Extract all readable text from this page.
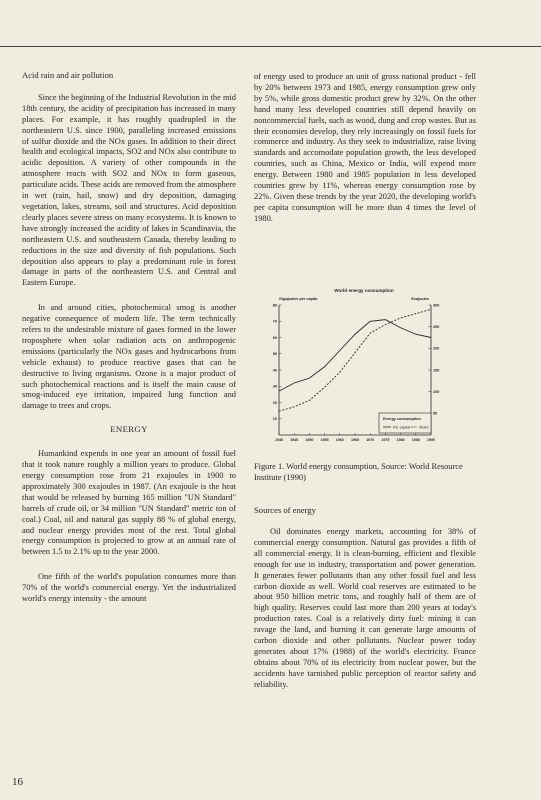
Acid rain and air pollution

Since the beginning of the Industrial Revolution in the mid 18th century, the acidity of precipitation has increased in many places. For example, it has roughly quadrupled in the northeastern U.S. since 1900, paralleling increased emissions of sulfur dioxide and the NOx gases. In addition to their direct health and ecological impacts, SO2 and NOx also contribute to acidic deposition. A variety of other compounds in the atmosphere reacts with SO2 and NOx to form gaseous, particulate acids. These acids are removed from the atmosphere in wet (rain, hail, snow) and dry deposition, damaging vegetation, lakes, streams, soil and structures. Acid deposition clearly places severe stress on many ecosystems. It is known to have strongly increased the acidity of lakes in Scandinavia, the northeastern U.S. and southeastern Canada, thereby leading to reductions in the size and diversity of fish populations. Such deposition also appears to play a predominant role in forest damage in parts of the northeastern U.S. and Central and Eastern Europe.

In and around cities, photochemical smog is another negative consequence of modern life. The term technically refers to the undesirable mixture of gases formed in the lower troposphere when solar radiation acts on anthropogenic emissions (particularly the NOx gases and hydrocarbons from vehicle exhaust) to produce reactive gases that can be destructive to living organisms. Ozone is a major product of such photochemical reactions and is itself the main cause of smog-induced eye irritation, impaired lung function and damage to trees and crops.

ENERGY

Humankind expends in one year an amount of fossil fuel that it took nature roughly a million years to produce. Global energy consumption rose from 21 exajoules in 1900 to approximately 300 exajoules in 1987. (An exajoule is the heat that would be released by burning 165 million "UN Standard" barrels of crude oil, or 34 million "UN Standard" metric ton of coal.) Coal, oil and natural gas supply 88 % of global energy, and nuclear energy provides most of the rest. Total global energy consumption is projected to grow at an annual rate of between 1.5 to 2.1% up to the year 2000.

One fifth of the world's population consumes more than 70% of the world's commercial energy. Yet the industrialized world's energy intensity - the amount

of energy used to produce an unit of gross national product - fell by 20% between 1973 and 1985, energy consumption grew only by 5%, while gross domestic product grew by 32%. On the other hand many less developed countries still depend heavily on noncommercial fuels, such as wood, dung and crop wastes. But as their economies develop, they rely increasingly on fossil fuels for commerce and industry. As they seek to industrialize, raise living standards and accomodate population growth, the less developed countries, such as China, Mexico or India, will expend more energy. Between 1980 and 1985 population in less developed countries grew by 11%, whereas energy consumption rose by 22%. Given these trends by the year 2020, the developing world's per capita consumption will be more than 4 times the level of 1980.

World energy consumption
Gigajoules per capita	Exajoules
10
20
30
40
50
60
70
80
50
100
150
200
250
300
1940 1945 1950 1955 1960 1965 1970 1975 1980 1985 1990
Energy consumption
Per capita	World
Figure 1. World energy consumption, Source: World Resource Institute (1990)
Sources of energy

Oil dominates energy markets, accounting for 38% of commercial energy consumption. Natural gas provides a fifth of all commercial energy. It is clean-burning, efficient and flexible enough for use in industry, transportation and power generation. It generates fewer pollutants than any other fossil fuel and less carbon dioxide as well. World coal reserves are estimated to be about 950 billion metric tons, and roughly half of them are of high quality. Reserves could last more than 200 years at today's production rates. Coal is a relatively dirty fuel: mining it can ravage the land, and burning it can generate large amounts of carbon dioxide and other pollutants. Nuclear power today generates about 17% (1988) of the world's electricity. France obtains about 70% of its electricity from nuclear power, but the accidents have tarnished public perception of reactor safety and reliability.

16
